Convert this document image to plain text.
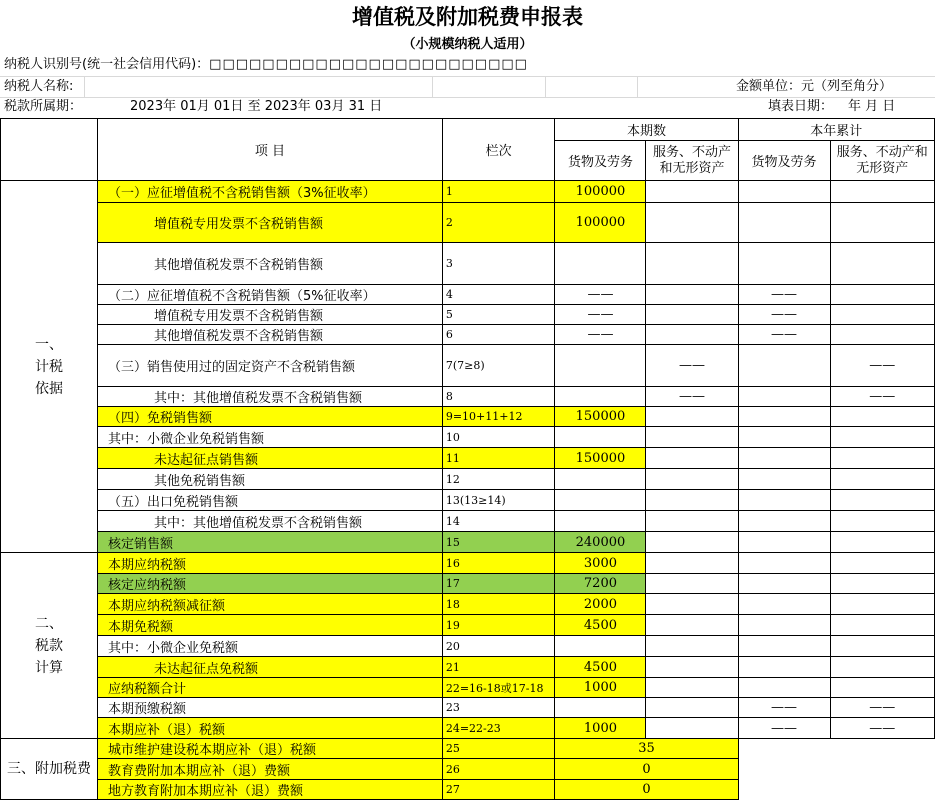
增值税及附加税费申报表
（小规模纳税人适用）
纳税人识别号(统一社会信用代码)：□□□□□□□□□□□□□□□□□□□□□□□□
纳税人名称:	金额单位：元（列至角分）
税款所属期：	2023年 01月 01日 至 2023年 03月 31 日	填表日期： 年 月 日
	项 目	栏次	本期数		本年累计	
			货物及劳务	服务、不动产和无形资产	货物及劳务	服务、不动产和无形资产

一、计税依据	（一）应征增值税不含税销售额（3%征收率）	1	100000			
	增值税专用发票不含税销售额	2	100000			
	其他增值税发票不含税销售额	3				
	（二）应征增值税不含税销售额（5%征收率）	4	——		——	
	增值税专用发票不含税销售额	5	——		——	
	其他增值税发票不含税销售额	6	——		——	
	（三）销售使用过的固定资产不含税销售额	7(7≥8)		——		——
	其中：其他增值税发票不含税销售额	8		——		——
	（四）免税销售额	9=10+11+12	150000			
	其中：小微企业免税销售额	10				
	未达起征点销售额	11	150000			
	其他免税销售额	12				
	（五）出口免税销售额	13(13≥14)				
	其中：其他增值税发票不含税销售额	14				
	核定销售额	15	240000			
二、税款计算	本期应纳税额	16	3000			
	核定应纳税额	17	7200			
	本期应纳税额减征额	18	2000			
	本期免税额	19	4500			
	其中：小微企业免税额	20				
	未达起征点免税额	21	4500			
	应纳税额合计	22=16-18或17-18	1000			
	本期预缴税额	23			——	——
	本期应补（退）税额	24=22-23	1000		——	——
三、附加税费	城市维护建设税本期应补（退）税额	25	35			
	教育费附加本期应补（退）费额	26	0			
	地方教育附加本期应补（退）费额	27	0			
